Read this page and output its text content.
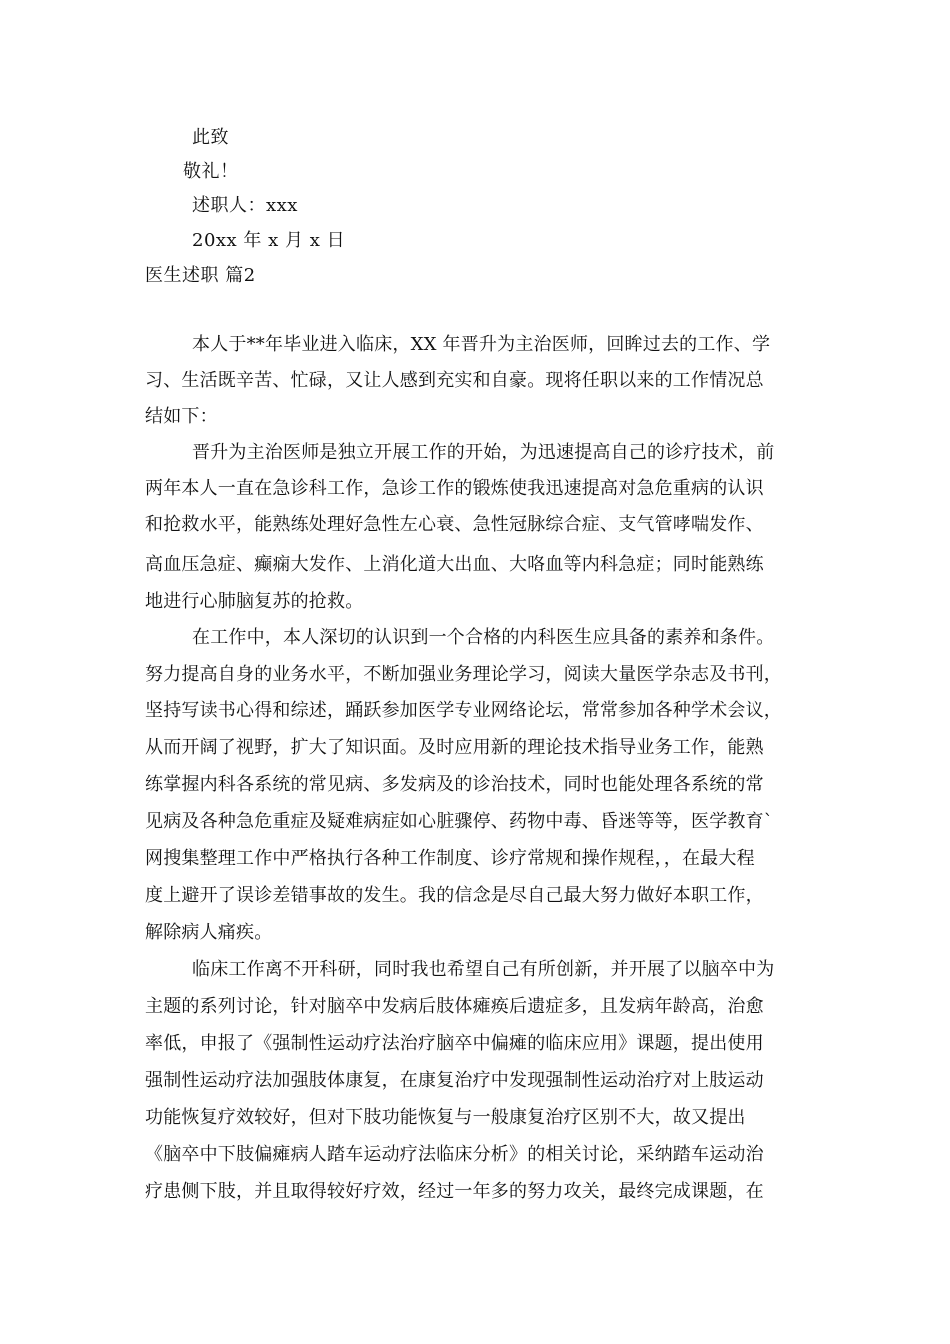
此致
敬礼！
述职人：xxx
20xx 年 x 月 x 日
医生述职 篇2
本人于**年毕业进入临床，XX 年晋升为主治医师，回眸过去的工作、学
习、生活既辛苦、忙碌，又让人感到充实和自豪。现将任职以来的工作情况总
结如下：
晋升为主治医师是独立开展工作的开始，为迅速提高自己的诊疗技术，前
两年本人一直在急诊科工作，急诊工作的锻炼使我迅速提高对急危重病的认识
和抢救水平，能熟练处理好急性左心衰、急性冠脉综合症、支气管哮喘发作、
高血压急症、癫痫大发作、上消化道大出血、大咯血等内科急症；同时能熟练
地进行心肺脑复苏的抢救。
在工作中，本人深切的认识到一个合格的内科医生应具备的素养和条件。
努力提高自身的业务水平，不断加强业务理论学习，阅读大量医学杂志及书刊，
坚持写读书心得和综述，踊跃参加医学专业网络论坛，常常参加各种学术会议，
从而开阔了视野，扩大了知识面。及时应用新的理论技术指导业务工作，能熟
练掌握内科各系统的常见病、多发病及的诊治技术，同时也能处理各系统的常
见病及各种急危重症及疑难病症如心脏骤停、药物中毒、昏迷等等，医学教育`
网搜集整理工作中严格执行各种工作制度、诊疗常规和操作规程，，在最大程
度上避开了误诊差错事故的发生。我的信念是尽自己最大努力做好本职工作，
解除病人痛疾。
临床工作离不开科研，同时我也希望自己有所创新，并开展了以脑卒中为
主题的系列讨论，针对脑卒中发病后肢体瘫痪后遗症多，且发病年龄高，治愈
率低，申报了《强制性运动疗法治疗脑卒中偏瘫的临床应用》课题，提出使用
强制性运动疗法加强肢体康复，在康复治疗中发现强制性运动治疗对上肢运动
功能恢复疗效较好，但对下肢功能恢复与一般康复治疗区别不大，故又提出
《脑卒中下肢偏瘫病人踏车运动疗法临床分析》的相关讨论，采纳踏车运动治
疗患侧下肢，并且取得较好疗效，经过一年多的努力攻关，最终完成课题，在
